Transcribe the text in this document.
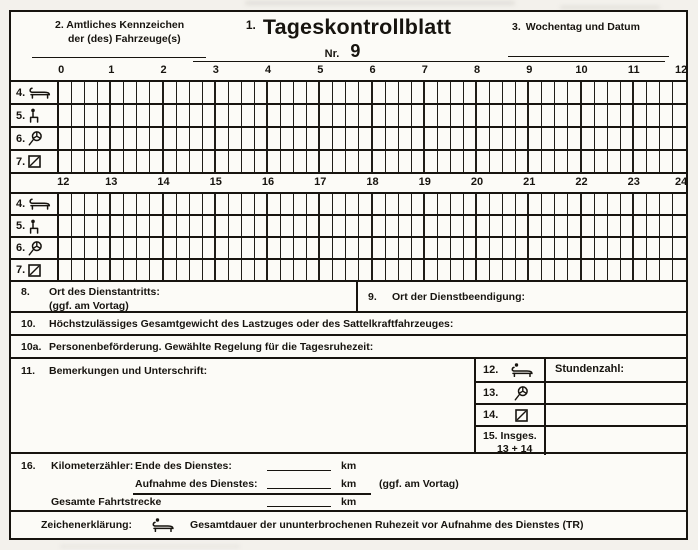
2. Amtliches Kennzeichen
der (des) Fahrzeuge(s)
$^{1.}$ Tageskontrollblatt
Nr. 9
3. Wochentag und Datum
0	1	2	3	4	5	6	7	8	9	10	11	12
4.
5.
6.
7.
12	13	14	15	16	17	18	19	20	21	22	23	24
4.
5.
6.
7.
8. Ort des Dienstantritts:
(ggf. am Vortag)
9. Ort der Dienstbeendigung:
10. Höchstzulässiges Gesamtgewicht des Lastzuges oder des Sattelkraftfahrzeuges:
10a. Personenbeförderung. Gewählte Regelung für die Tagesruhezeit:
11. Bemerkungen und Unterschrift:	12.	Stundenzahl:
13.
14.
15. Insges.
13 + 14
16. Kilometerzähler: Ende des Dienstes:	km
Aufnahme des Dienstes:	km (ggf. am Vortag)
Gesamte Fahrtstrecke	km
Zeichenerklärung:	Gesamtdauer der ununterbrochenen Ruhezeit vor Aufnahme des Dienstes (TR)
